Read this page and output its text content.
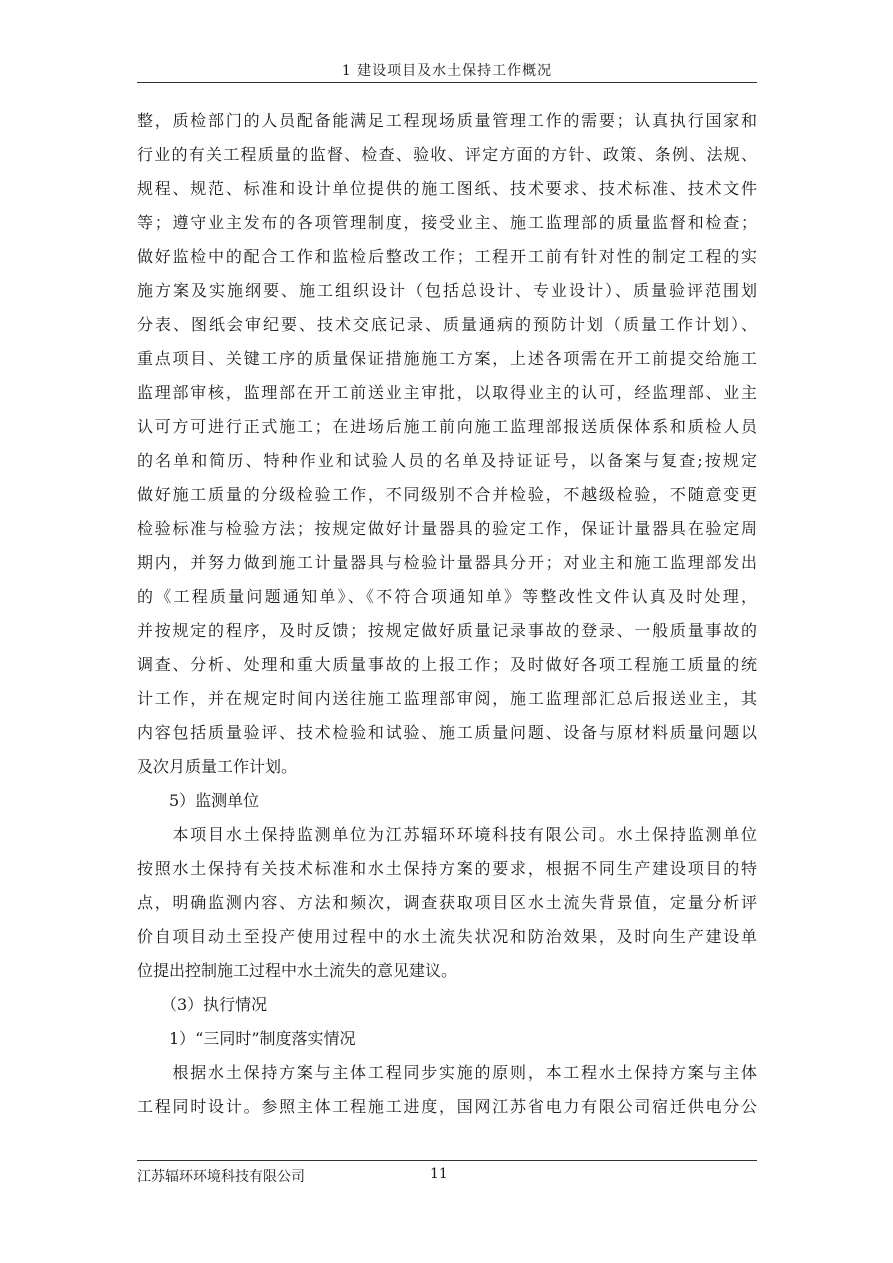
1 建设项目及水土保持工作概况
整，质检部门的人员配备能满足工程现场质量管理工作的需要；认真执行国家和
行业的有关工程质量的监督、检查、验收、评定方面的方针、政策、条例、法规、
规程、规范、标准和设计单位提供的施工图纸、技术要求、技术标准、技术文件
等；遵守业主发布的各项管理制度，接受业主、施工监理部的质量监督和检查；
做好监检中的配合工作和监检后整改工作；工程开工前有针对性的制定工程的实
施方案及实施纲要、施工组织设计（包括总设计、专业设计）、质量验评范围划
分表、图纸会审纪要、技术交底记录、质量通病的预防计划（质量工作计划）、
重点项目、关键工序的质量保证措施施工方案，上述各项需在开工前提交给施工
监理部审核，监理部在开工前送业主审批，以取得业主的认可，经监理部、业主
认可方可进行正式施工；在进场后施工前向施工监理部报送质保体系和质检人员
的名单和简历、特种作业和试验人员的名单及持证证号，以备案与复查;按规定
做好施工质量的分级检验工作，不同级别不合并检验，不越级检验，不随意变更
检验标准与检验方法；按规定做好计量器具的验定工作，保证计量器具在验定周
期内，并努力做到施工计量器具与检验计量器具分开；对业主和施工监理部发出
的《工程质量问题通知单》、《不符合项通知单》等整改性文件认真及时处理，
并按规定的程序，及时反馈；按规定做好质量记录事故的登录、一般质量事故的
调查、分析、处理和重大质量事故的上报工作；及时做好各项工程施工质量的统
计工作，并在规定时间内送往施工监理部审阅，施工监理部汇总后报送业主，其
内容包括质量验评、技术检验和试验、施工质量问题、设备与原材料质量问题以
及次月质量工作计划。
　　5）监测单位
　　本项目水土保持监测单位为江苏辐环环境科技有限公司。水土保持监测单位
按照水土保持有关技术标准和水土保持方案的要求，根据不同生产建设项目的特
点，明确监测内容、方法和频次，调查获取项目区水土流失背景值，定量分析评
价自项目动土至投产使用过程中的水土流失状况和防治效果，及时向生产建设单
位提出控制施工过程中水土流失的意见建议。
　　（3）执行情况
　　1）“三同时”制度落实情况
　　根据水土保持方案与主体工程同步实施的原则，本工程水土保持方案与主体
工程同时设计。参照主体工程施工进度，国网江苏省电力有限公司宿迁供电分公
江苏辐环环境科技有限公司	11
